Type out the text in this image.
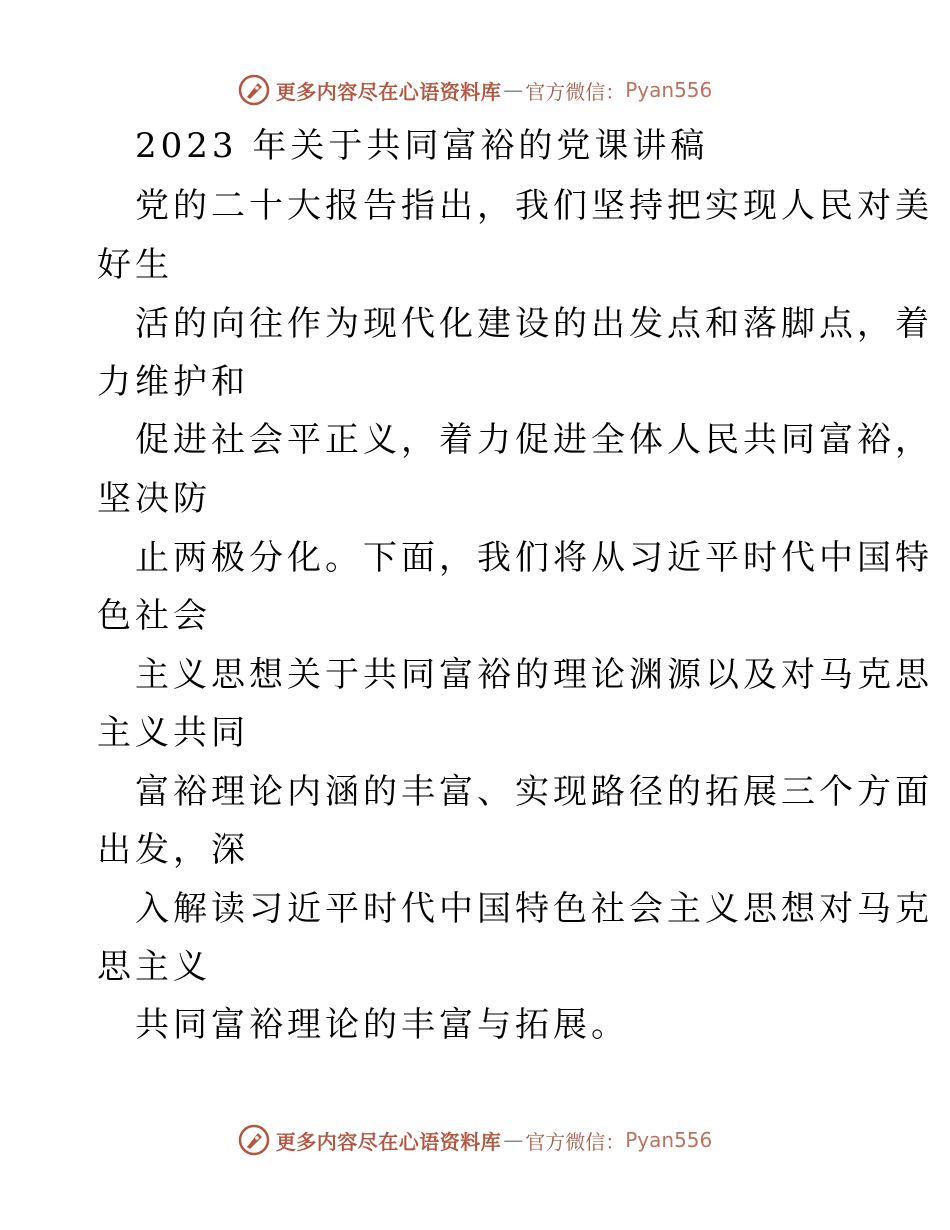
更多内容尽在心语资料库 — 官方微信： Pyan556
2023 年关于共同富裕的党课讲稿
党的二十大报告指出，我们坚持把实现人民对美
好生
活的向往作为现代化建设的出发点和落脚点，着
力维护和
促进社会平正义，着力促进全体人民共同富裕，
坚决防
止两极分化。下面，我们将从习近平时代中国特
色社会
主义思想关于共同富裕的理论渊源以及对马克思
主义共同
富裕理论内涵的丰富、实现路径的拓展三个方面
出发，深
入解读习近平时代中国特色社会主义思想对马克
思主义
共同富裕理论的丰富与拓展。
更多内容尽在心语资料库 — 官方微信： Pyan556
